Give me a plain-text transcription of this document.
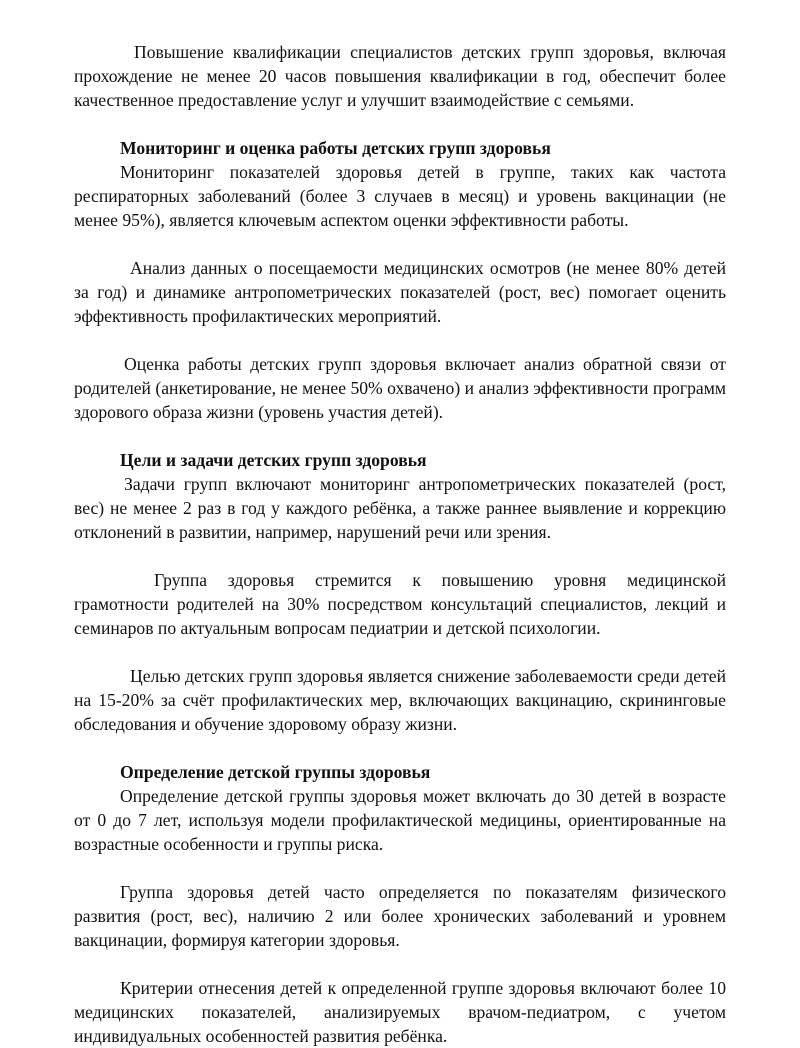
Повышение квалификации специалистов детских групп здоровья, включая прохождение не менее 20 часов повышения квалификации в год, обеспечит более качественное предоставление услуг и улучшит взаимодействие с семьями.

Мониторинг и оценка работы детских групп здоровья

Мониторинг показателей здоровья детей в группе, таких как частота респираторных заболеваний (более 3 случаев в месяц) и уровень вакцинации (не менее 95%), является ключевым аспектом оценки эффективности работы.

Анализ данных о посещаемости медицинских осмотров (не менее 80% детей за год) и динамике антропометрических показателей (рост, вес) помогает оценить эффективность профилактических мероприятий.

Оценка работы детских групп здоровья включает анализ обратной связи от родителей (анкетирование, не менее 50% охвачено) и анализ эффективности программ здорового образа жизни (уровень участия детей).

Цели и задачи детских групп здоровья

Задачи групп включают мониторинг антропометрических показателей (рост, вес) не менее 2 раз в год у каждого ребёнка, а также раннее выявление и коррекцию отклонений в развитии, например, нарушений речи или зрения.

Группа здоровья стремится к повышению уровня медицинской грамотности родителей на 30% посредством консультаций специалистов, лекций и семинаров по актуальным вопросам педиатрии и детской психологии.

Целью детских групп здоровья является снижение заболеваемости среди детей на 15-20% за счёт профилактических мер, включающих вакцинацию, скрининговые обследования и обучение здоровому образу жизни.

Определение детской группы здоровья

Определение детской группы здоровья может включать до 30 детей в возрасте от 0 до 7 лет, используя модели профилактической медицины, ориентированные на возрастные особенности и группы риска.

Группа здоровья детей часто определяется по показателям физического развития (рост, вес), наличию 2 или более хронических заболеваний и уровнем вакцинации, формируя категории здоровья.

Критерии отнесения детей к определенной группе здоровья включают более 10 медицинских показателей, анализируемых врачом-педиатром, с учетом индивидуальных особенностей развития ребёнка.
